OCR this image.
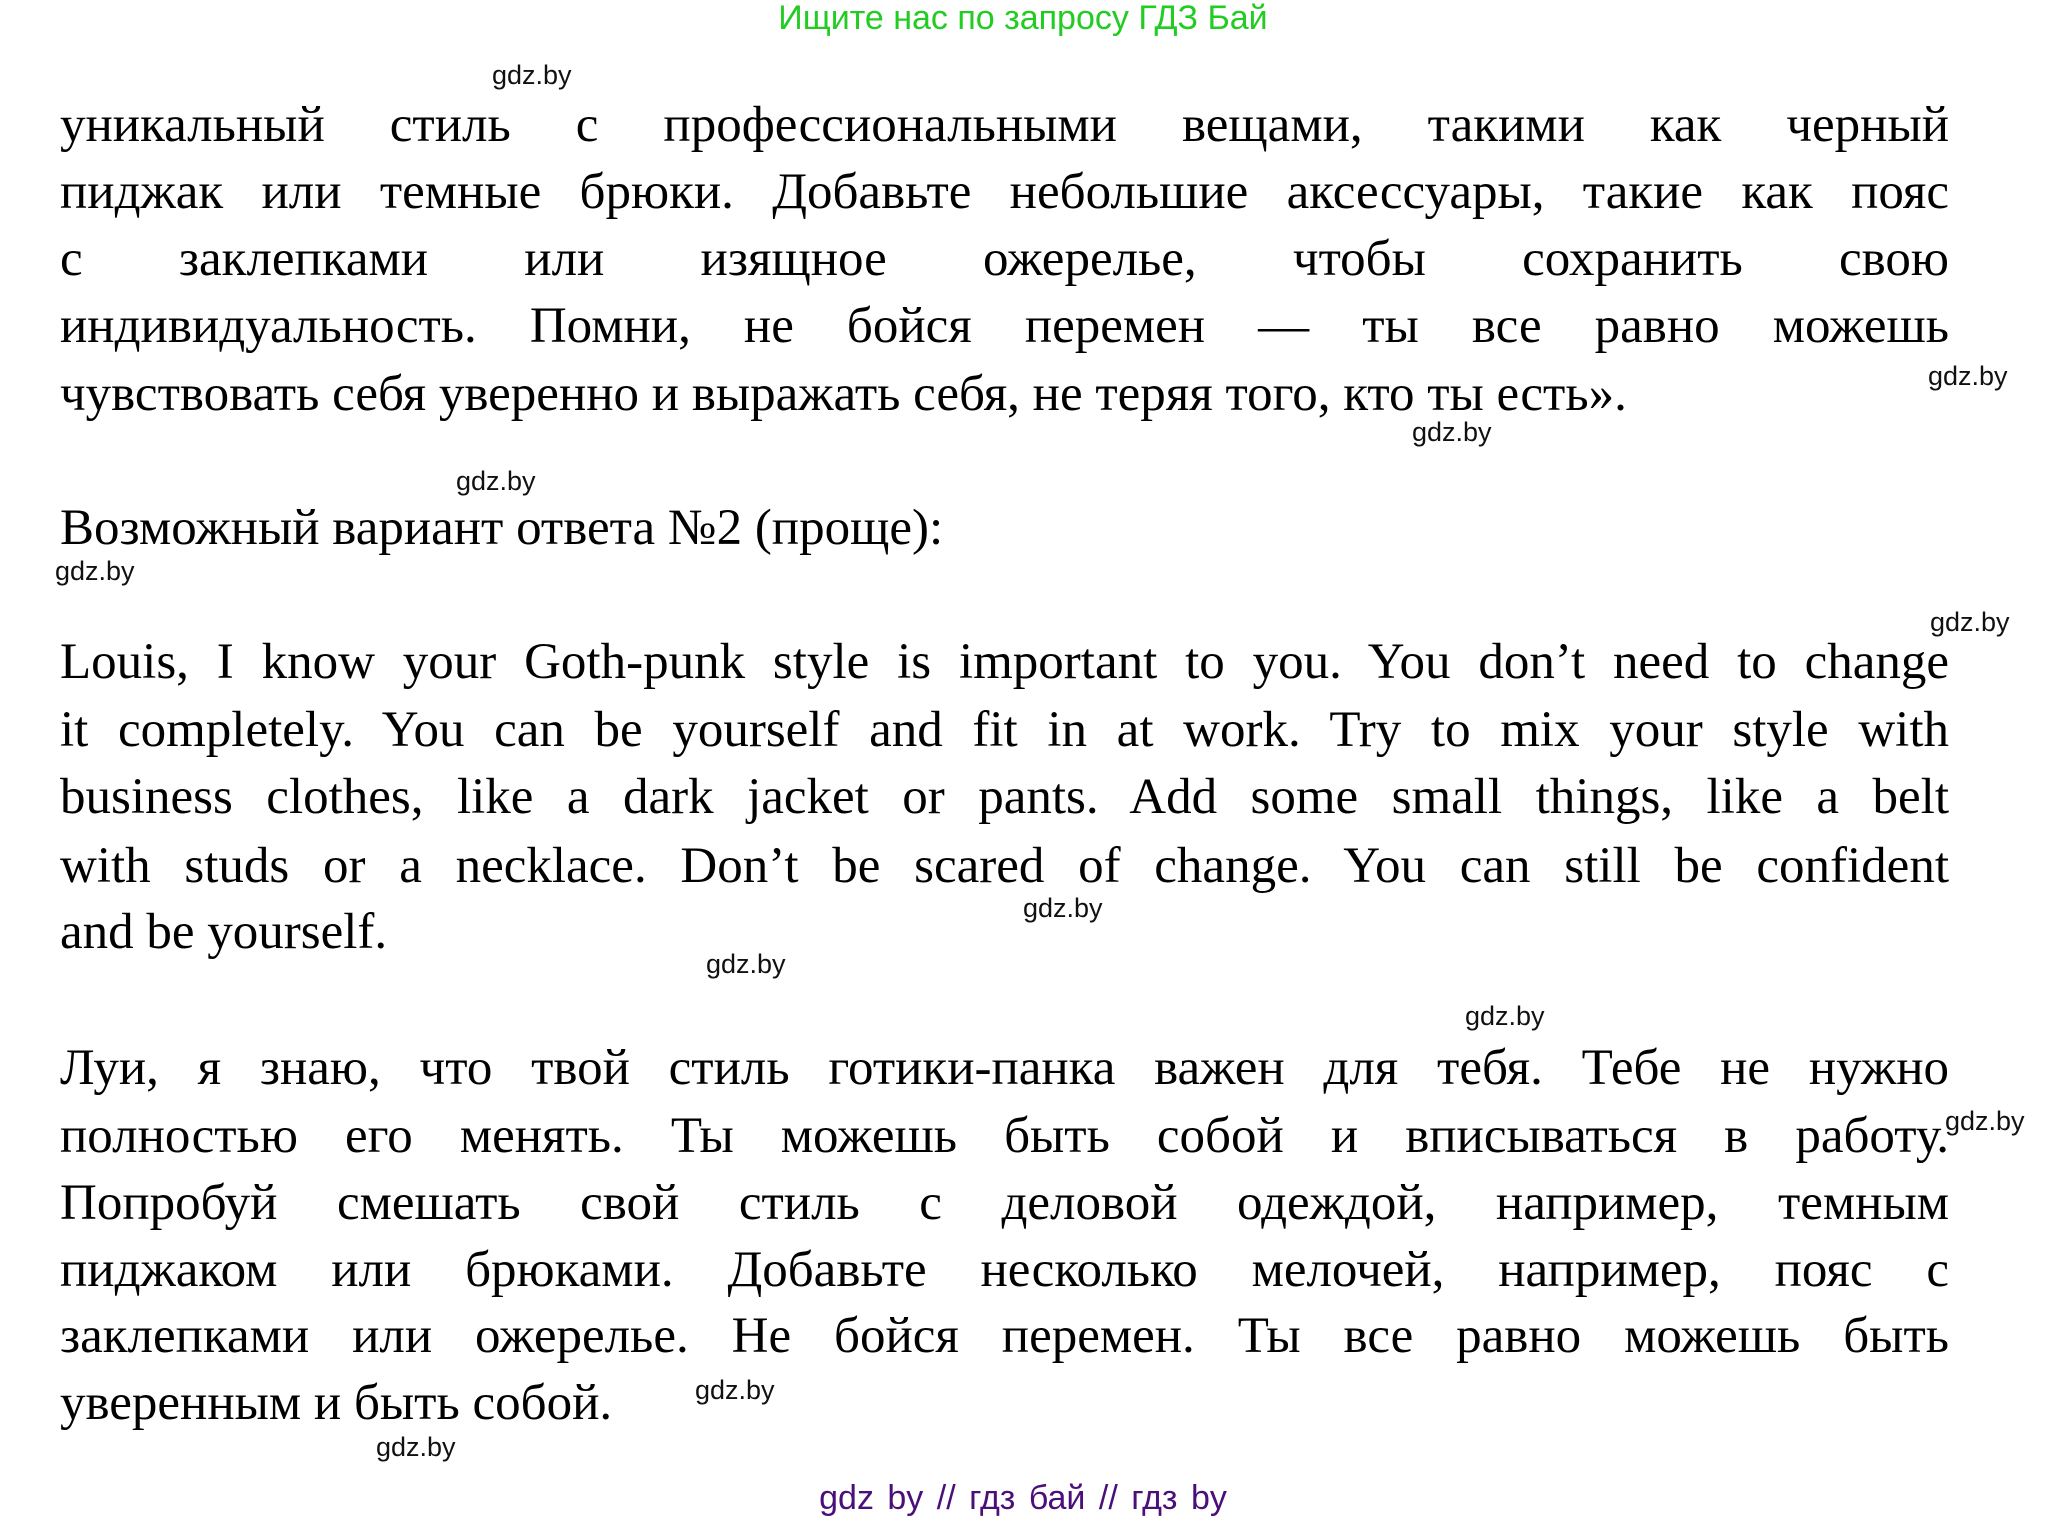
Ищите нас по запросу ГДЗ Бай
gdz.by
уникальный стиль с профессиональными вещами, такими как черный
пиджак или темные брюки. Добавьте небольшие аксессуары, такие как пояс
с заклепками или изящное ожерелье, чтобы сохранить свою
индивидуальность. Помни, не бойся перемен — ты все равно можешь
чувствовать себя уверенно и выражать себя, не теряя того, кто ты есть».	gdz.by
gdz.by
gdz.by
Возможный вариант ответа №2 (проще):
gdz.by
gdz.by
Louis, I know your Goth-punk style is important to you. You don’t need to change
it completely. You can be yourself and fit in at work. Try to mix your style with
business clothes, like a dark jacket or pants. Add some small things, like a belt
with studs or a necklace. Don’t be scared of change. You can still be confident
and be yourself.	gdz.by
gdz.by
gdz.by
Луи, я знаю, что твой стиль готики-панка важен для тебя. Тебе не нужно
полностью его менять. Ты можешь быть собой и вписываться в работу.
Попробуй смешать свой стиль с деловой одеждой, например, темным
пиджаком или брюками. Добавьте несколько мелочей, например, пояс с
заклепками или ожерелье. Не бойся перемен. Ты все равно можешь быть
уверенным и быть собой.
gdz.by
gdz.by
gdz.by
gdz by // гдз бай // гдз by
